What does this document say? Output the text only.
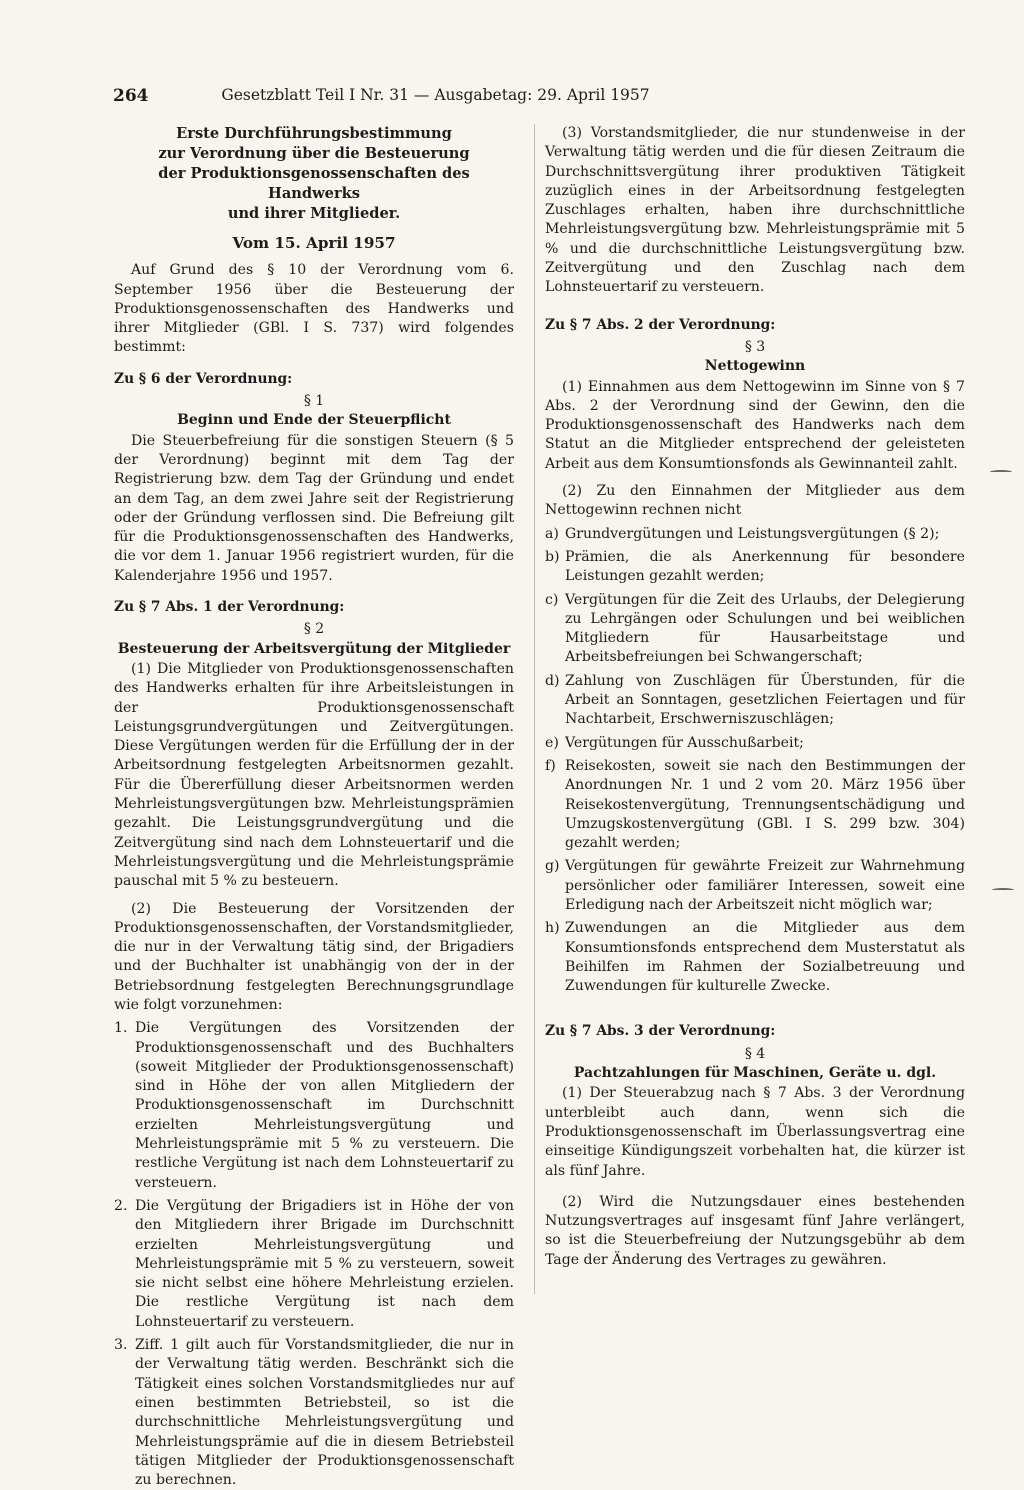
264	Gesetzblatt Teil I Nr. 31 — Ausgabetag: 29. April 1957
Erste Durchführungsbestimmung
zur Verordnung über die Besteuerung
der Produktionsgenossenschaften des Handwerks
und ihrer Mitglieder.
Vom 15. April 1957

Auf Grund des § 10 der Verordnung vom 6. September 1956 über die Besteuerung der Produktionsgenossenschaften des Handwerks und ihrer Mitglieder (GBl. I S. 737) wird folgendes bestimmt:

Zu § 6 der Verordnung:
§ 1
Beginn und Ende der Steuerpflicht

Die Steuerbefreiung für die sonstigen Steuern (§ 5 der Verordnung) beginnt mit dem Tag der Registrierung bzw. dem Tag der Gründung und endet an dem Tag, an dem zwei Jahre seit der Registrierung oder der Gründung verflossen sind. Die Befreiung gilt für die Produktionsgenossenschaften des Handwerks, die vor dem 1. Januar 1956 registriert wurden, für die Kalenderjahre 1956 und 1957.

Zu § 7 Abs. 1 der Verordnung:
§ 2
Besteuerung der Arbeitsvergütung der Mitglieder

(1) Die Mitglieder von Produktionsgenossenschaften des Handwerks erhalten für ihre Arbeitsleistungen in der Produktionsgenossenschaft Leistungsgrundvergütungen und Zeitvergütungen. Diese Vergütungen werden für die Erfüllung der in der Arbeitsordnung festgelegten Arbeitsnormen gezahlt. Für die Übererfüllung dieser Arbeitsnormen werden Mehrleistungsvergütungen bzw. Mehrleistungsprämien gezahlt. Die Leistungsgrundvergütung und die Zeitvergütung sind nach dem Lohnsteuertarif und die Mehrleistungsvergütung und die Mehrleistungsprämie pauschal mit 5 % zu besteuern.

(2) Die Besteuerung der Vorsitzenden der Produktionsgenossenschaften, der Vorstandsmitglieder, die nur in der Verwaltung tätig sind, der Brigadiers und der Buchhalter ist unabhängig von der in der Betriebsordnung festgelegten Berechnungsgrundlage wie folgt vorzunehmen:

1. Die Vergütungen des Vorsitzenden der Produktionsgenossenschaft und des Buchhalters (soweit Mitglieder der Produktionsgenossenschaft) sind in Höhe der von allen Mitgliedern der Produktionsgenossenschaft im Durchschnitt erzielten Mehrleistungsvergütung und Mehrleistungsprämie mit 5 % zu versteuern. Die restliche Vergütung ist nach dem Lohnsteuertarif zu versteuern.
2. Die Vergütung der Brigadiers ist in Höhe der von den Mitgliedern ihrer Brigade im Durchschnitt erzielten Mehrleistungsvergütung und Mehrleistungsprämie mit 5 % zu versteuern, soweit sie nicht selbst eine höhere Mehrleistung erzielen. Die restliche Vergütung ist nach dem Lohnsteuertarif zu versteuern.
3. Ziff. 1 gilt auch für Vorstandsmitglieder, die nur in der Verwaltung tätig werden. Beschränkt sich die Tätigkeit eines solchen Vorstandsmitgliedes nur auf einen bestimmten Betriebsteil, so ist die durchschnittliche Mehrleistungsvergütung und Mehrleistungsprämie auf die in diesem Betriebsteil tätigen Mitglieder der Produktionsgenossenschaft zu berechnen.

(3) Vorstandsmitglieder, die nur stundenweise in der Verwaltung tätig werden und die für diesen Zeitraum die Durchschnittsvergütung ihrer produktiven Tätigkeit zuzüglich eines in der Arbeitsordnung festgelegten Zuschlages erhalten, haben ihre durchschnittliche Mehrleistungsvergütung bzw. Mehrleistungsprämie mit 5 % und die durchschnittliche Leistungsvergütung bzw. Zeitvergütung und den Zuschlag nach dem Lohnsteuertarif zu versteuern.

Zu § 7 Abs. 2 der Verordnung:
§ 3
Nettogewinn

(1) Einnahmen aus dem Nettogewinn im Sinne von § 7 Abs. 2 der Verordnung sind der Gewinn, den die Produktionsgenossenschaft des Handwerks nach dem Statut an die Mitglieder entsprechend der geleisteten Arbeit aus dem Konsumtionsfonds als Gewinnanteil zahlt.

(2) Zu den Einnahmen der Mitglieder aus dem Nettogewinn rechnen nicht

a) Grundvergütungen und Leistungsvergütungen (§ 2);
b) Prämien, die als Anerkennung für besondere Leistungen gezahlt werden;
c) Vergütungen für die Zeit des Urlaubs, der Delegierung zu Lehrgängen oder Schulungen und bei weiblichen Mitgliedern für Hausarbeitstage und Arbeitsbefreiungen bei Schwangerschaft;
d) Zahlung von Zuschlägen für Überstunden, für die Arbeit an Sonntagen, gesetzlichen Feiertagen und für Nachtarbeit, Erschwerniszuschlägen;
e) Vergütungen für Ausschußarbeit;
f) Reisekosten, soweit sie nach den Bestimmungen der Anordnungen Nr. 1 und 2 vom 20. März 1956 über Reisekostenvergütung, Trennungsentschädigung und Umzugskostenvergütung (GBl. I S. 299 bzw. 304) gezahlt werden;
g) Vergütungen für gewährte Freizeit zur Wahrnehmung persönlicher oder familiärer Interessen, soweit eine Erledigung nach der Arbeitszeit nicht möglich war;
h) Zuwendungen an die Mitglieder aus dem Konsumtionsfonds entsprechend dem Musterstatut als Beihilfen im Rahmen der Sozialbetreuung und Zuwendungen für kulturelle Zwecke.
Zu § 7 Abs. 3 der Verordnung:
§ 4
Pachtzahlungen für Maschinen, Geräte u. dgl.

(1) Der Steuerabzug nach § 7 Abs. 3 der Verordnung unterbleibt auch dann, wenn sich die Produktionsgenossenschaft im Überlassungsvertrag eine einseitige Kündigungszeit vorbehalten hat, die kürzer ist als fünf Jahre.

(2) Wird die Nutzungsdauer eines bestehenden Nutzungsvertrages auf insgesamt fünf Jahre verlängert, so ist die Steuerbefreiung der Nutzungsgebühr ab dem Tage der Änderung des Vertrages zu gewähren.
